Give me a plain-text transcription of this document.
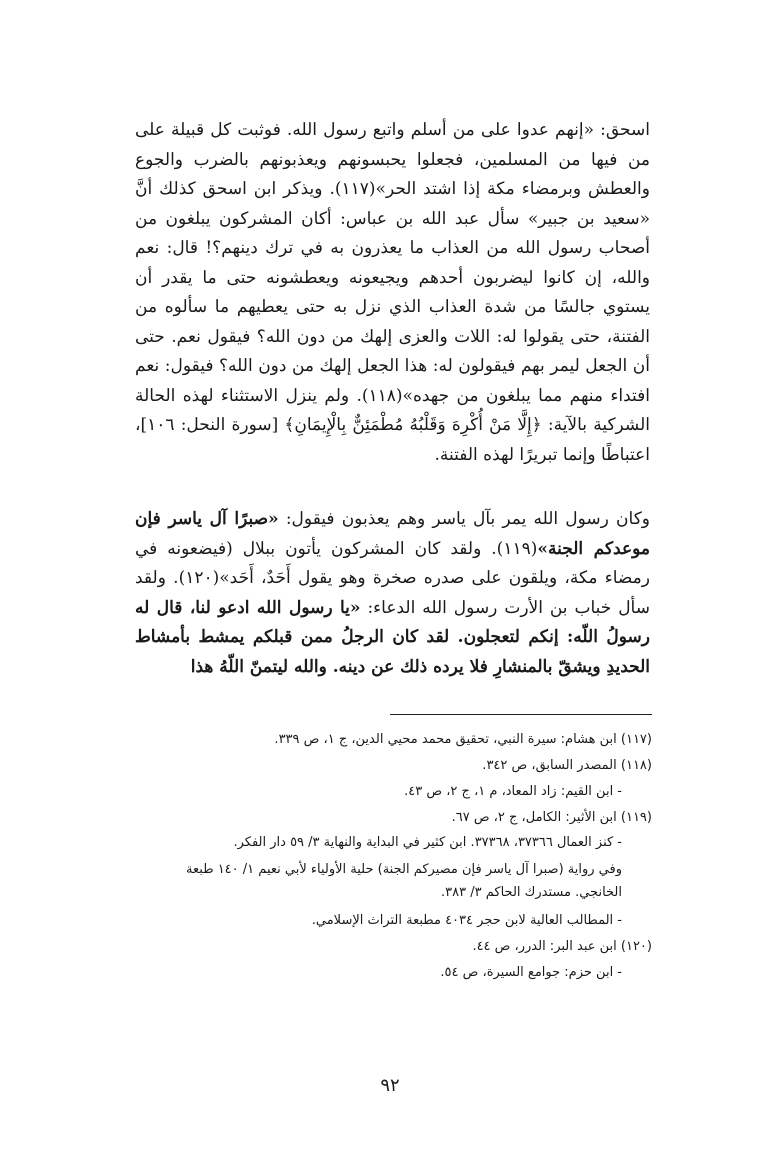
اسحق: «إنهم عدوا على من أسلم واتبع رسول الله. فوثبت كل قبيلة على من فيها من المسلمين، فجعلوا يحبسونهم ويعذبونهم بالضرب والجوع والعطش وبرمضاء مكة إذا اشتد الحر»(١١٧). ويذكر ابن اسحق كذلك أنَّ «سعيد بن جبير» سأل عبد الله بن عباس: أكان المشركون يبلغون من أصحاب رسول الله من العذاب ما يعذرون به في ترك دينهم؟! قال: نعم والله، إن كانوا ليضربون أحدهم ويجيعونه ويعطشونه حتى ما يقدر أن يستوي جالسًا من شدة العذاب الذي نزل به حتى يعطيهم ما سألوه من الفتنة، حتى يقولوا له: اللات والعزى إلهك من دون الله؟ فيقول نعم. حتى أن الجعل ليمر بهم فيقولون له: هذا الجعل إلهك من دون الله؟ فيقول: نعم افتداء منهم مما يبلغون من جهده»(١١٨). ولم ينزل الاستثناء لهذه الحالة الشركية بالآية: ﴿إِلَّا مَنْ أُكْرِهَ وَقَلْبُهُ مُطْمَئِنٌّ بِالْإِيمَانِ﴾ [سورة النحل: ١٠٦]، اعتباطًا وإنما تبريرًا لهذه الفتنة.

وكان رسول الله يمر بآل ياسر وهم يعذبون فيقول: «صبرًا آل ياسر فإن موعدكم الجنة»(١١٩). ولقد كان المشركون يأتون ببلال (فيضعونه في رمضاء مكة، ويلقون على صدره صخرة وهو يقول أَحَدٌ، أَحَد»(١٢٠). ولقد سأل خباب بن الأرت رسول الله الدعاء: «يا رسول الله ادعو لنا، قال له رسولُ اللّه: إنكم لتعجلون. لقد كان الرجلُ ممن قبلكم يمشط بأمشاط الحديدِ ويشقّ بالمنشارِ فلا يرده ذلك عن دينه. والله ليتمنّ اللّهُ هذا

(١١٧) ابن هشام: سيرة النبي، تحقيق محمد محيي الدين، ج ١، ص ٣٣٩.

(١١٨) المصدر السابق، ص ٣٤٢.

- ابن القيم: زاد المعاد، م ١، ج ٢، ص ٤٣.

(١١٩) ابن الأثير: الكامل، ج ٢، ص ٦٧.

- كنز العمال ٣٧٣٦٦، ٣٧٣٦٨. ابن كثير في البداية والنهاية ٣/ ٥٩ دار الفكر.

وفي رواية (صبرا آل ياسر فإن مصيركم الجنة) حلية الأولياء لأبي نعيم ١/ ١٤٠ طبعة الخانجي. مستدرك الحاكم ٣/ ٣٨٣.

- المطالب العالية لابن حجر ٤٠٣٤ مطبعة التراث الإسلامي.

(١٢٠) ابن عبد البر: الدرر، ص ٤٤.

- ابن حزم: جوامع السيرة، ص ٥٤.

٩٢
